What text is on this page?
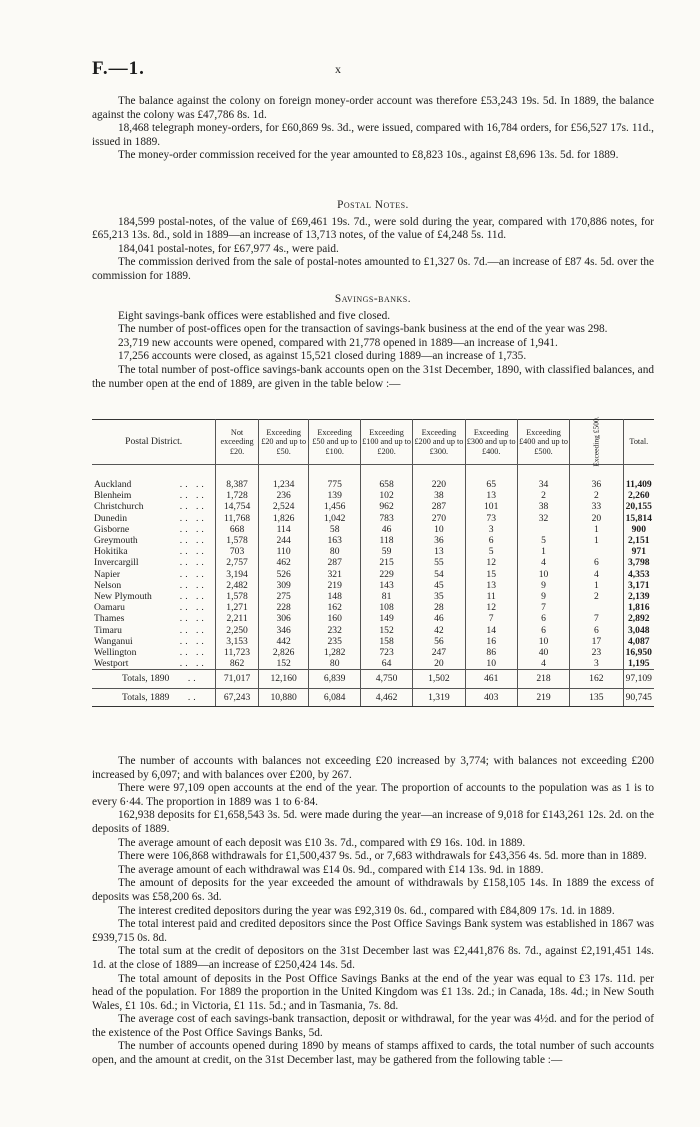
F.—1.	x

The balance against the colony on foreign money-order account was therefore £53,243 19s. 5d. In 1889, the balance against the colony was £47,786 8s. 1d.

18,468 telegraph money-orders, for £60,869 9s. 3d., were issued, compared with 16,784 orders, for £56,527 17s. 11d., issued in 1889.

The money-order commission received for the year amounted to £8,823 10s., against £8,696 13s. 5d. for 1889.

Postal Notes.

184,599 postal-notes, of the value of £69,461 19s. 7d., were sold during the year, compared with 170,886 notes, for £65,213 13s. 8d., sold in 1889—an increase of 13,713 notes, of the value of £4,248 5s. 11d.

184,041 postal-notes, for £67,977 4s., were paid.

The commission derived from the sale of postal-notes amounted to £1,327 0s. 7d.—an increase of £87 4s. 5d. over the commission for 1889.

Savings-banks.

Eight savings-bank offices were established and five closed.

The number of post-offices open for the transaction of savings-bank business at the end of the year was 298.

23,719 new accounts were opened, compared with 21,778 opened in 1889—an increase of 1,941.

17,256 accounts were closed, as against 15,521 closed during 1889—an increase of 1,735.

The total number of post-office savings-bank accounts open on the 31st December, 1890, with classified balances, and the number open at the end of 1889, are given in the table below :—

Postal District.		Not exceeding £20.	Exceeding £20 and up to £50.	Exceeding £50 and up to £100.	Exceeding £100 and up to £200.	Exceeding £200 and up to £300.	Exceeding £300 and up to £400.	Exceeding £400 and up to £500.	Exceeding £500.	Total.

Auckland	.. ..	8,387	1,234	775	658	220	65	34	36	11,409
Blenheim	.. ..	1,728	236	139	102	38	13	2	2	2,260
Christchurch	.. ..	14,754	2,524	1,456	962	287	101	38	33	20,155
Dunedin	.. ..	11,768	1,826	1,042	783	270	73	32	20	15,814
Gisborne	.. ..	668	114	58	46	10	3		1	900
Greymouth	.. ..	1,578	244	163	118	36	6	5	1	2,151
Hokitika	.. ..	703	110	80	59	13	5	1		971
Invercargill	.. ..	2,757	462	287	215	55	12	4	6	3,798
Napier	.. ..	3,194	526	321	229	54	15	10	4	4,353
Nelson	.. ..	2,482	309	219	143	45	13	9	1	3,171
New Plymouth	.. ..	1,578	275	148	81	35	11	9	2	2,139
Oamaru	.. ..	1,271	228	162	108	28	12	7		1,816
Thames	.. ..	2,211	306	160	149	46	7	6	7	2,892
Timaru	.. ..	2,250	346	232	152	42	14	6	6	3,048
Wanganui	.. ..	3,153	442	235	158	56	16	10	17	4,087
Wellington	.. ..	11,723	2,826	1,282	723	247	86	40	23	16,950
Westport	.. ..	862	152	80	64	20	10	4	3	1,195
Totals, 1890	..	71,017	12,160	6,839	4,750	1,502	461	218	162	97,109
Totals, 1889	..	67,243	10,880	6,084	4,462	1,319	403	219	135	90,745

The number of accounts with balances not exceeding £20 increased by 3,774; with balances not exceeding £200 increased by 6,097; and with balances over £200, by 267.

There were 97,109 open accounts at the end of the year. The proportion of accounts to the population was as 1 is to every 6·44. The proportion in 1889 was 1 to 6·84.

162,938 deposits for £1,658,543 3s. 5d. were made during the year—an increase of 9,018 for £143,261 12s. 2d. on the deposits of 1889.

The average amount of each deposit was £10 3s. 7d., compared with £9 16s. 10d. in 1889.

There were 106,868 withdrawals for £1,500,437 9s. 5d., or 7,683 withdrawals for £43,356 4s. 5d. more than in 1889.

The average amount of each withdrawal was £14 0s. 9d., compared with £14 13s. 9d. in 1889.

The amount of deposits for the year exceeded the amount of withdrawals by £158,105 14s. In 1889 the excess of deposits was £58,200 6s. 3d.

The interest credited depositors during the year was £92,319 0s. 6d., compared with £84,809 17s. 1d. in 1889.

The total interest paid and credited depositors since the Post Office Savings Bank system was established in 1867 was £939,715 0s. 8d.

The total sum at the credit of depositors on the 31st December last was £2,441,876 8s. 7d., against £2,191,451 14s. 1d. at the close of 1889—an increase of £250,424 14s. 5d.

The total amount of deposits in the Post Office Savings Banks at the end of the year was equal to £3 17s. 11d. per head of the population. For 1889 the proportion in the United Kingdom was £1 13s. 2d.; in Canada, 18s. 4d.; in New South Wales, £1 10s. 6d.; in Victoria, £1 11s. 5d.; and in Tasmania, 7s. 8d.

The average cost of each savings-bank transaction, deposit or withdrawal, for the year was 4½d. and for the period of the existence of the Post Office Savings Banks, 5d.

The number of accounts opened during 1890 by means of stamps affixed to cards, the total number of such accounts open, and the amount at credit, on the 31st December last, may be gathered from the following table :—
